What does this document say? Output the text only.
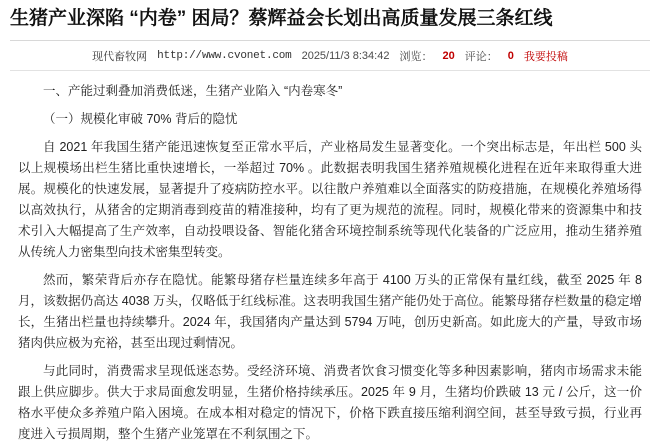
生猪产业深陷 “内卷” 困局？蔡辉益会长划出高质量发展三条红线
现代畜牧网 http://www.cvonet.com 2025/11/3 8:34:42 浏览： 20 评论： 0 我要投稿

一、产能过剩叠加消费低迷，生猪产业陷入 “内卷寒冬”

（一）规模化审破 70% 背后的隐忧

自 2021 年我国生猪产能迅速恢复至正常水平后，产业格局发生显著变化。一个突出标志是，年出栏 500 头以上规模场出栏生猪比重快速增长，一举超过 70% 。此数据表明我国生猪养殖规模化进程在近年来取得重大进展。规模化的快速发展，显著提升了疫病防控水平。以往散户养殖难以全面落实的防疫措施，在规模化养殖场得以高效执行，从猪舍的定期消毒到疫苗的精准接种，均有了更为规范的流程。同时，规模化带来的资源集中和技术引入大幅提高了生产效率，自动投喂设备、智能化猪舍环境控制系统等现代化装备的广泛应用，推动生猪养殖从传统人力密集型向技术密集型转变。

然而，繁荣背后亦存在隐忧。能繁母猪存栏量连续多年高于 4100 万头的正常保有量红线，截至 2025 年 8 月，该数据仍高达 4038 万头，仅略低于红线标准。这表明我国生猪产能仍处于高位。能繁母猪存栏数量的稳定增长，生猪出栏量也持续攀升。2024 年，我国猪肉产量达到 5794 万吨，创历史新高。如此庞大的产量，导致市场猪肉供应极为充裕，甚至出现过剩情况。

与此同时，消费需求呈现低迷态势。受经济环境、消费者饮食习惯变化等多种因素影响，猪肉市场需求未能跟上供应脚步。供大于求局面愈发明显，生猪价格持续承压。2025 年 9 月，生猪均价跌破 13 元 / 公斤，这一价格水平使众多养殖户陷入困境。在成本相对稳定的情况下，价格下跌直接压缩利润空间，甚至导致亏损，行业再度进入亏损周期，整个生猪产业笼罩在不利氛围之下。
